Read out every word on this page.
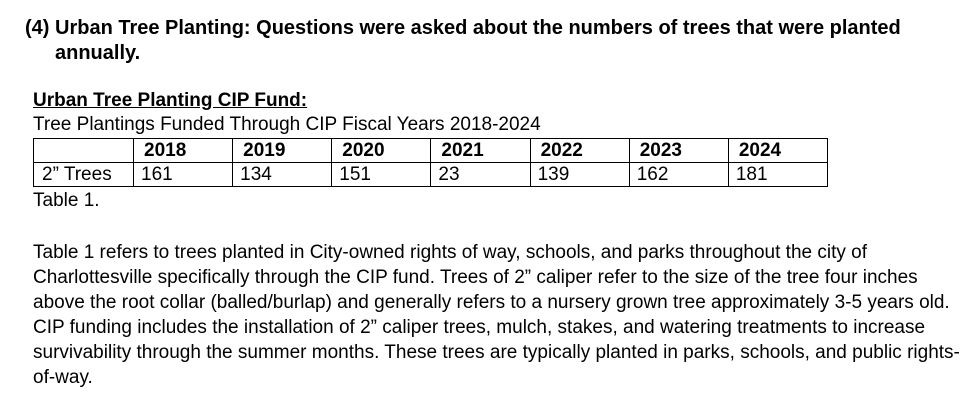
(4) Urban Tree Planting: Questions were asked about the numbers of trees that were planted annually.
Urban Tree Planting CIP Fund:
Tree Plantings Funded Through CIP Fiscal Years 2018-2024
	2018	2019	2020	2021	2022	2023	2024
2” Trees	161	134	151	23	139	162	181
Table 1.

Table 1 refers to trees planted in City-owned rights of way, schools, and parks throughout the city of Charlottesville specifically through the CIP fund. Trees of 2” caliper refer to the size of the tree four inches above the root collar (balled/burlap) and generally refers to a nursery grown tree approximately 3-5 years old. CIP funding includes the installation of 2” caliper trees, mulch, stakes, and watering treatments to increase survivability through the summer months. These trees are typically planted in parks, schools, and public rights-of-way.
